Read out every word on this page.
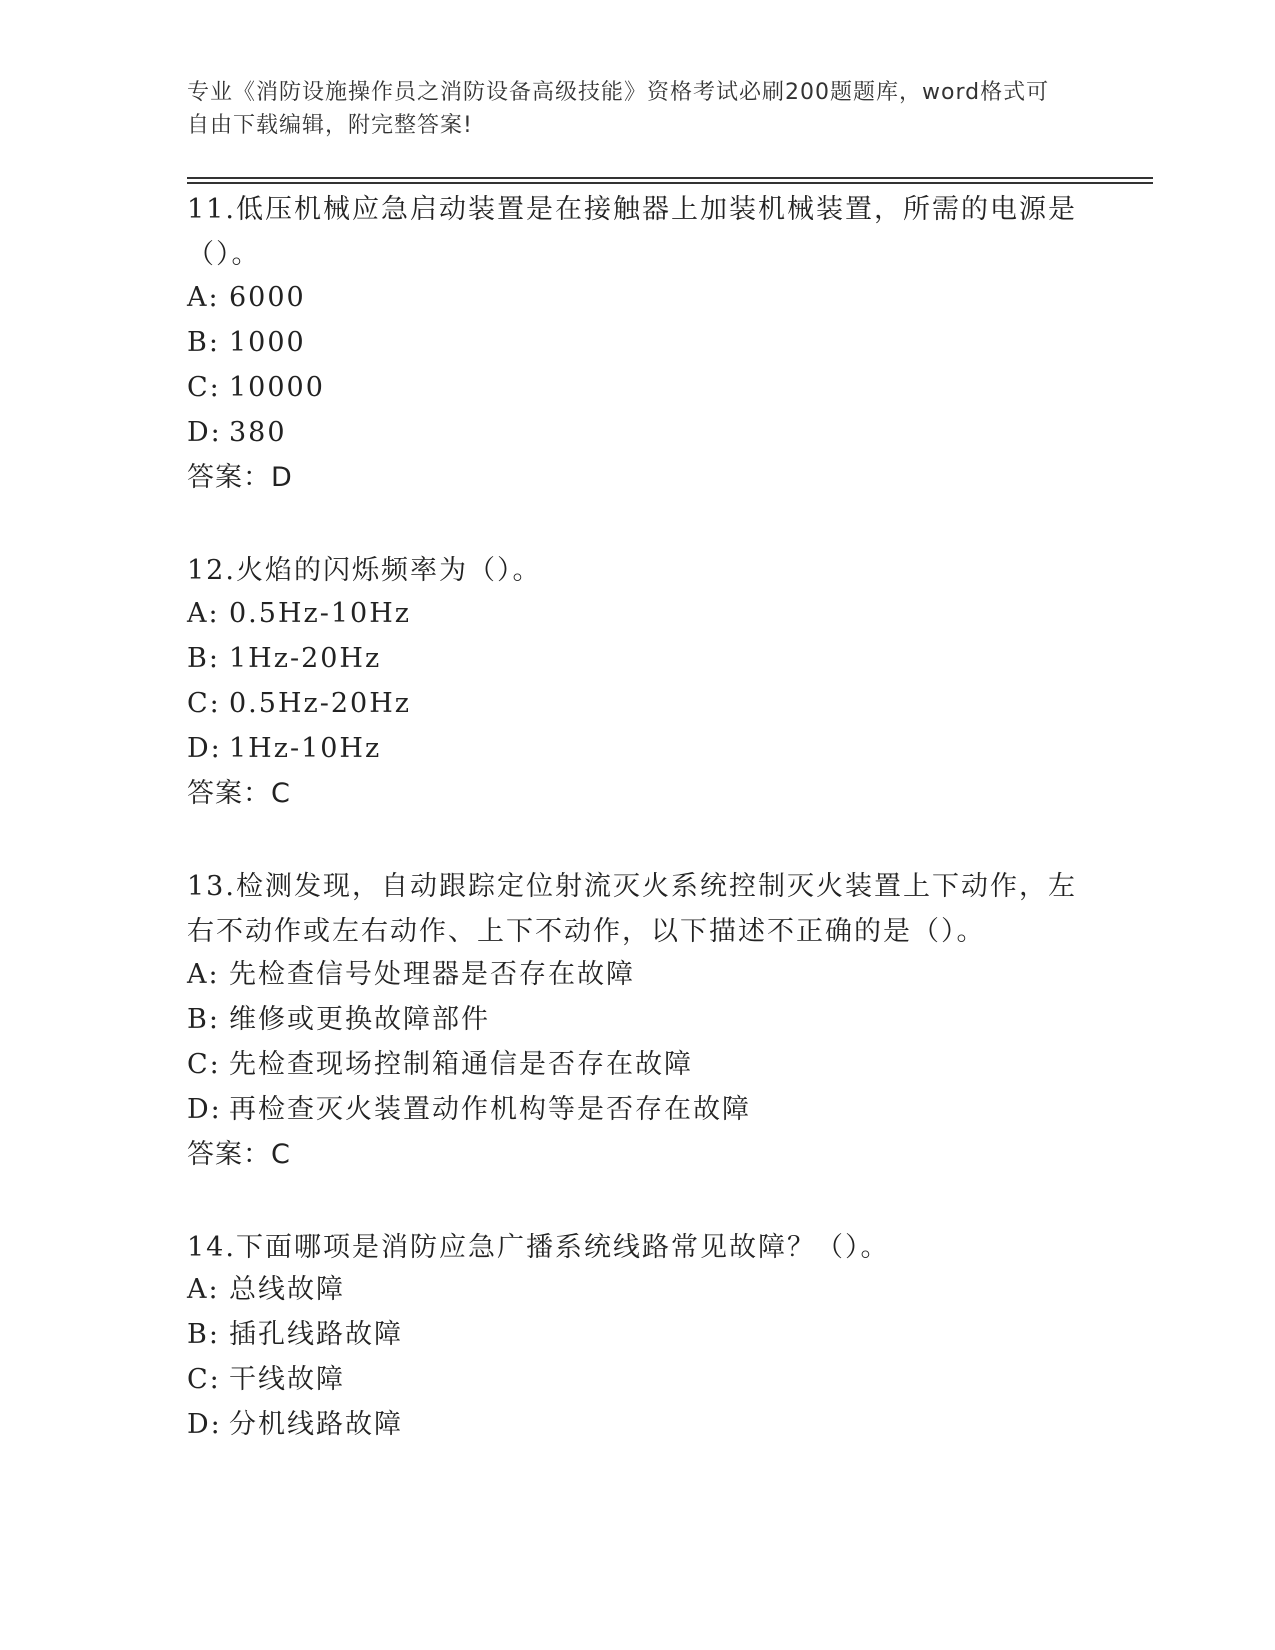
专业《消防设施操作员之消防设备高级技能》资格考试必刷200题题库，word格式可自由下载编辑，附完整答案!
11.低压机械应急启动装置是在接触器上加装机械装置，所需的电源是（）。
A: 6000
B: 1000
C: 10000
D: 380
答案：D
12.火焰的闪烁频率为（）。
A: 0.5Hz-10Hz
B: 1Hz-20Hz
C: 0.5Hz-20Hz
D: 1Hz-10Hz
答案：C
13.检测发现，自动跟踪定位射流灭火系统控制灭火装置上下动作，左右不动作或左右动作、上下不动作，以下描述不正确的是（）。
A: 先检查信号处理器是否存在故障
B: 维修或更换故障部件
C: 先检查现场控制箱通信是否存在故障
D: 再检查灭火装置动作机构等是否存在故障
答案：C
14.下面哪项是消防应急广播系统线路常见故障？（）。
A: 总线故障
B: 插孔线路故障
C: 干线故障
D: 分机线路故障
